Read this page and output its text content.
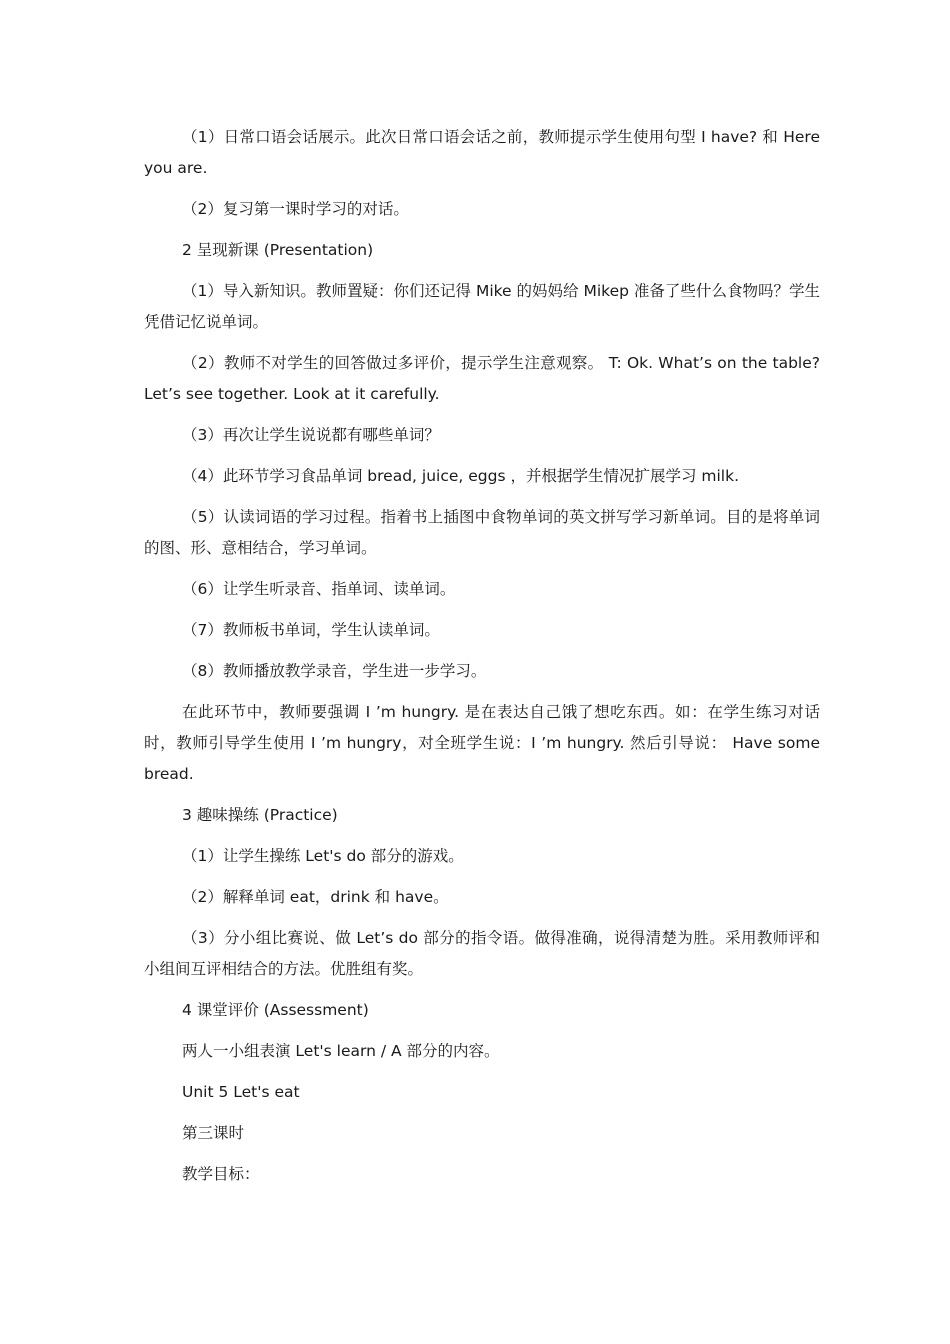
（1）日常口语会话展示。此次日常口语会话之前，教师提示学生使用句型 I have? 和 Here you are.

（2）复习第一课时学习的对话。

2 呈现新课 (Presentation)

（1）导入新知识。教师置疑：你们还记得 Mike 的妈妈给 Mikep 准备了些什么食物吗？学生凭借记忆说单词。

（2）教师不对学生的回答做过多评价，提示学生注意观察。 T: Ok. What’s on the table? Let’s see together. Look at it carefully.

（3）再次让学生说说都有哪些单词？

（4）此环节学习食品单词 bread, juice, eggs ，并根据学生情况扩展学习 milk.

（5）认读词语的学习过程。指着书上插图中食物单词的英文拼写学习新单词。目的是将单词的图、形、意相结合，学习单词。

（6）让学生听录音、指单词、读单词。

（7）教师板书单词，学生认读单词。

（8）教师播放教学录音，学生进一步学习。

在此环节中，教师要强调 I ’m hungry. 是在表达自己饿了想吃东西。如：在学生练习对话时，教师引导学生使用 I ’m hungry，对全班学生说：I ’m hungry. 然后引导说： Have some bread.

3 趣味操练 (Practice)

（1）让学生操练 Let's do 部分的游戏。

（2）解释单词 eat，drink 和 have。

（3）分小组比赛说、做 Let’s do 部分的指令语。做得准确，说得清楚为胜。采用教师评和小组间互评相结合的方法。优胜组有奖。

4 课堂评价 (Assessment)

两人一小组表演 Let's learn / A 部分的内容。

Unit 5 Let's eat

第三课时

教学目标：
